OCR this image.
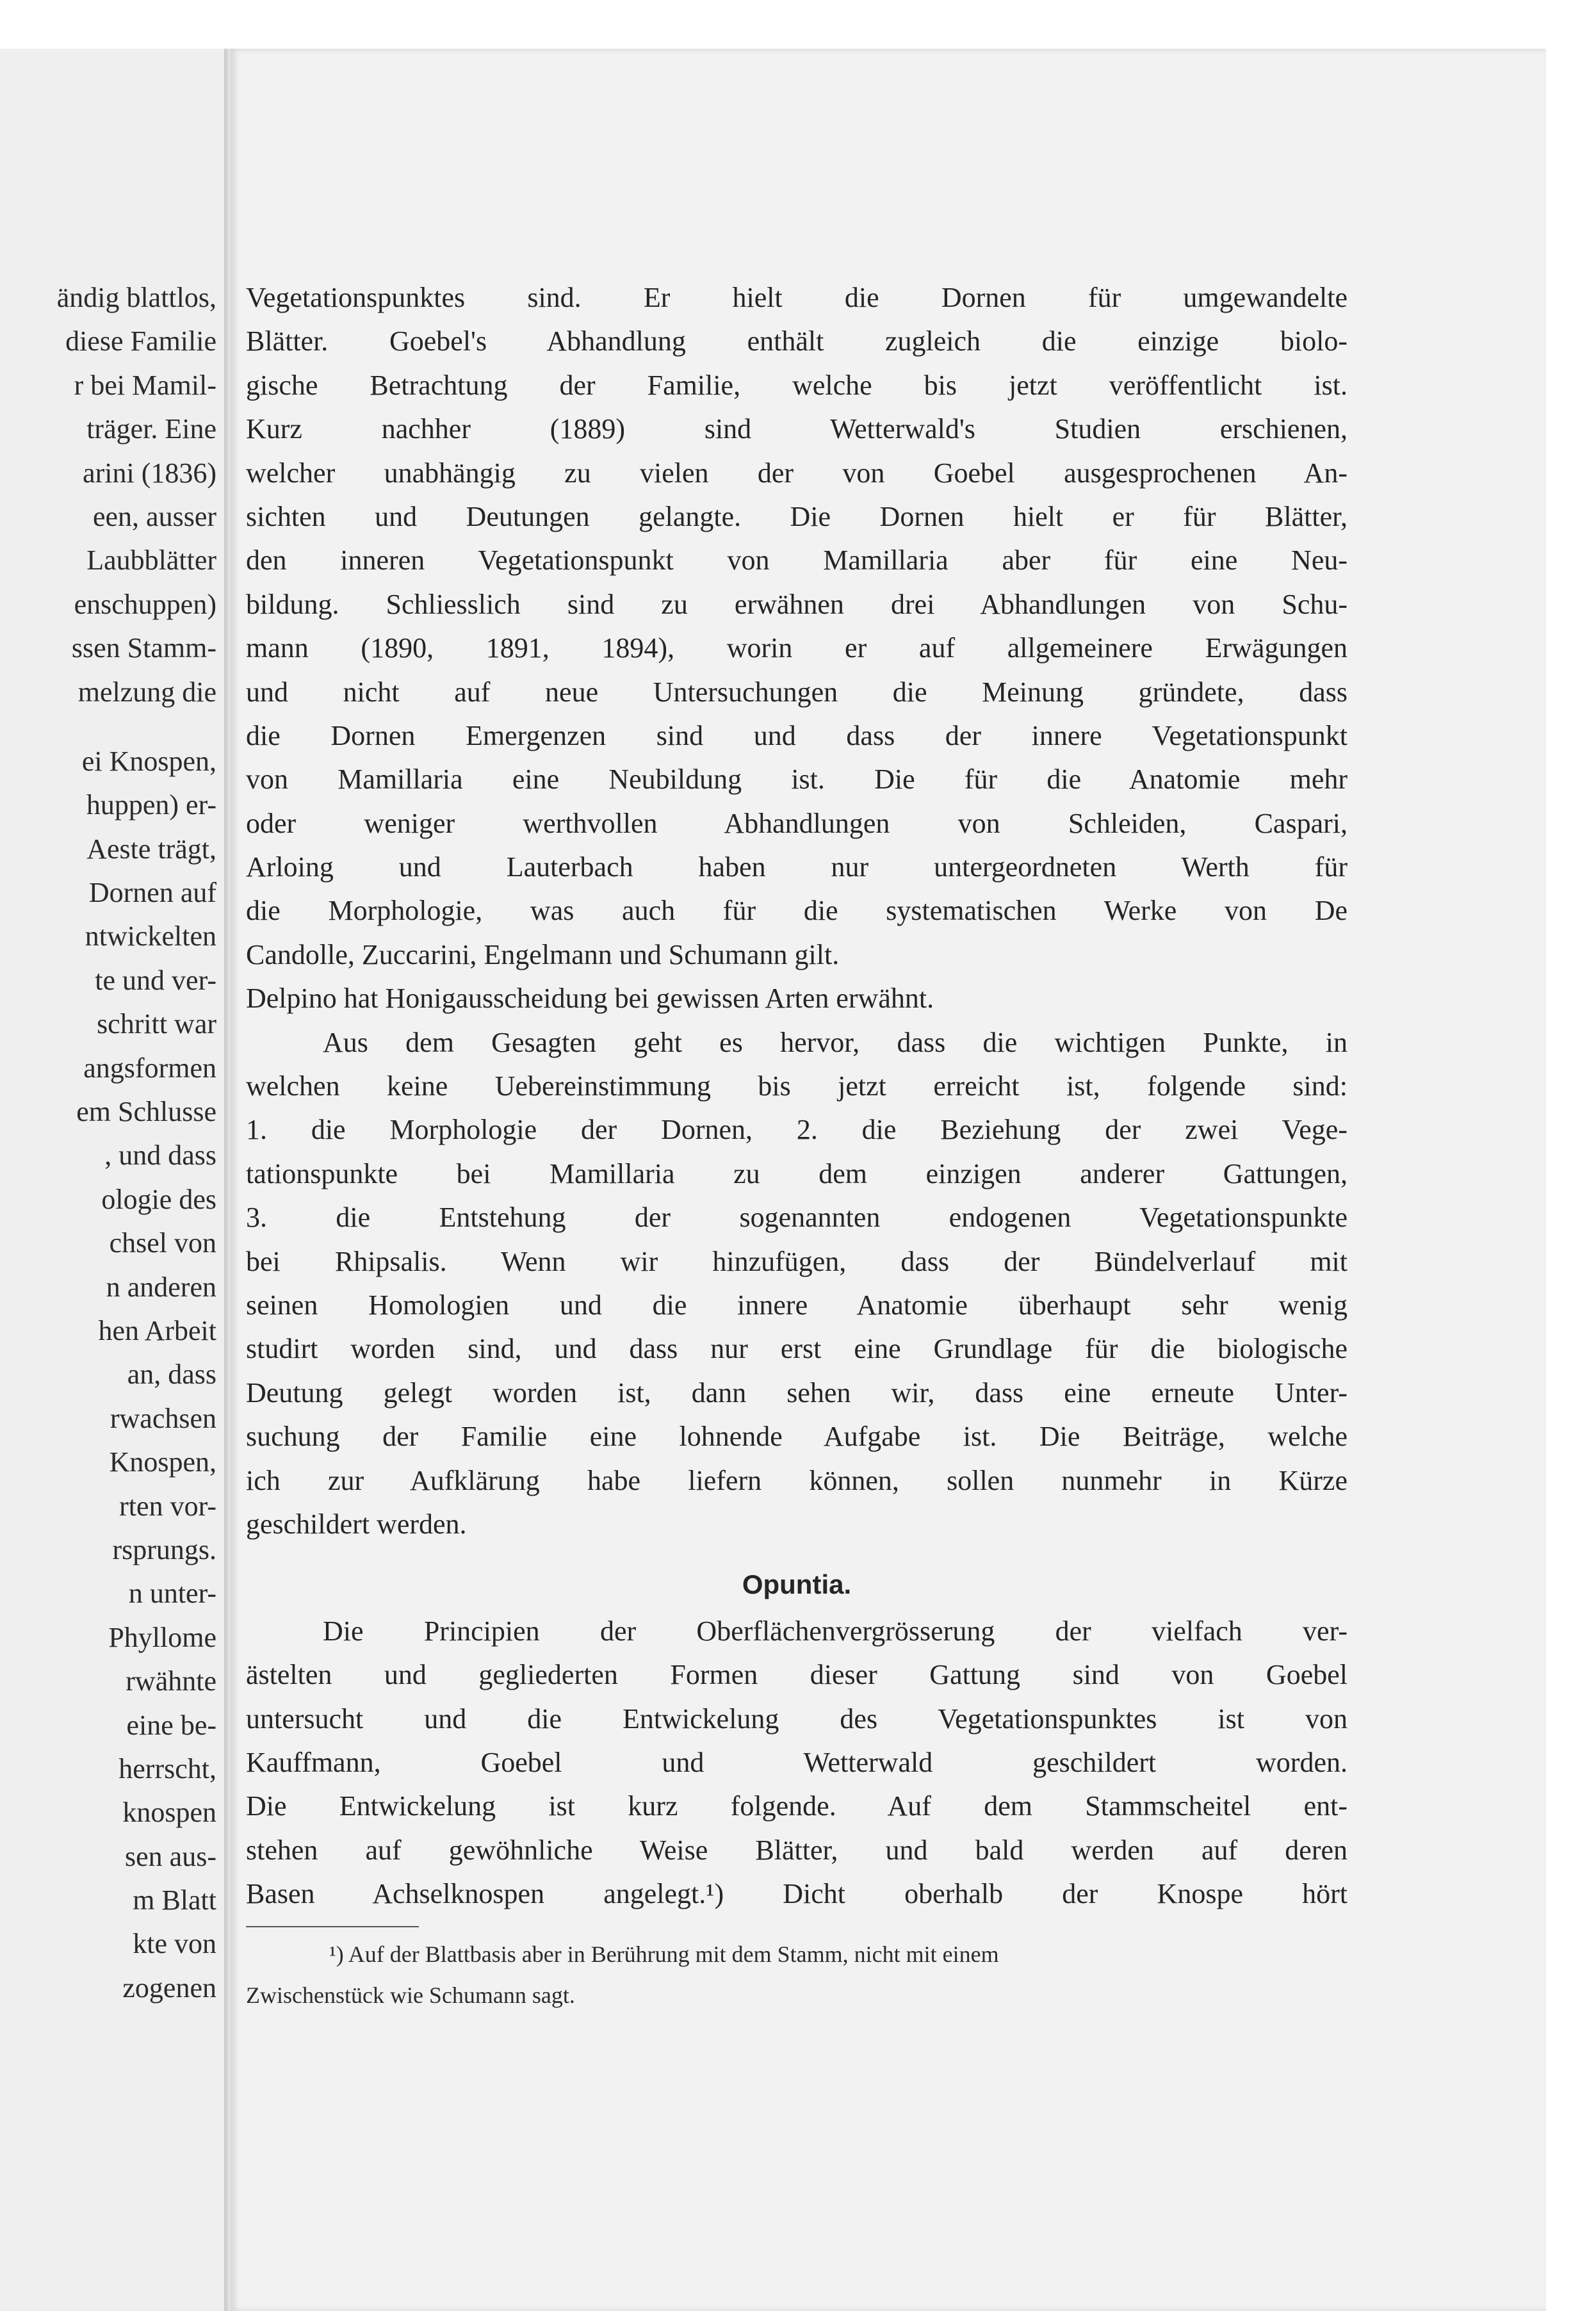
ändig blattlos,
diese Familie
r bei Mamil-
träger. Eine
arini (1836)
een, ausser
Laubblätter
enschuppen)
ssen Stamm-
melzung die
ei Knospen,
huppen) er-
Aeste trägt,
Dornen auf
ntwickelten
te und ver-
schritt war
angsformen
em Schlusse
, und dass
ologie des
chsel von
n anderen
hen Arbeit
an, dass
rwachsen
Knospen,
rten vor-
rsprungs.
n unter-
Phyllome
rwähnte
eine be-
herrscht,
knospen
sen aus-
m Blatt
kte von
zogenen
Vegetationspunktes sind. Er hielt die Dornen für umgewandelte
Blätter. Goebel's Abhandlung enthält zugleich die einzige biolo-
gische Betrachtung der Familie, welche bis jetzt veröffentlicht ist.
Kurz nachher (1889) sind Wetterwald's Studien erschienen,
welcher unabhängig zu vielen der von Goebel ausgesprochenen An-
sichten und Deutungen gelangte. Die Dornen hielt er für Blätter,
den inneren Vegetationspunkt von Mamillaria aber für eine Neu-
bildung. Schliesslich sind zu erwähnen drei Abhandlungen von Schu-
mann (1890, 1891, 1894), worin er auf allgemeinere Erwägungen
und nicht auf neue Untersuchungen die Meinung gründete, dass
die Dornen Emergenzen sind und dass der innere Vegetationspunkt
von Mamillaria eine Neubildung ist. Die für die Anatomie mehr
oder weniger werthvollen Abhandlungen von Schleiden, Caspari,
Arloing und Lauterbach haben nur untergeordneten Werth für
die Morphologie, was auch für die systematischen Werke von De
Candolle, Zuccarini, Engelmann und Schumann gilt.
Delpino hat Honigausscheidung bei gewissen Arten erwähnt.
Aus dem Gesagten geht es hervor, dass die wichtigen Punkte, in
welchen keine Uebereinstimmung bis jetzt erreicht ist, folgende sind:
1. die Morphologie der Dornen, 2. die Beziehung der zwei Vege-
tationspunkte bei Mamillaria zu dem einzigen anderer Gattungen,
3. die Entstehung der sogenannten endogenen Vegetationspunkte
bei Rhipsalis. Wenn wir hinzufügen, dass der Bündelverlauf mit
seinen Homologien und die innere Anatomie überhaupt sehr wenig
studirt worden sind, und dass nur erst eine Grundlage für die biologische
Deutung gelegt worden ist, dann sehen wir, dass eine erneute Unter-
suchung der Familie eine lohnende Aufgabe ist. Die Beiträge, welche
ich zur Aufklärung habe liefern können, sollen nunmehr in Kürze
geschildert werden.
Opuntia.
Die Principien der Oberflächenvergrösserung der vielfach ver-
ästelten und gegliederten Formen dieser Gattung sind von Goebel
untersucht und die Entwickelung des Vegetationspunktes ist von
Kauffmann, Goebel und Wetterwald geschildert worden.
Die Entwickelung ist kurz folgende. Auf dem Stammscheitel ent-
stehen auf gewöhnliche Weise Blätter, und bald werden auf deren
Basen Achselknospen angelegt.¹) Dicht oberhalb der Knospe hört
¹) Auf der Blattbasis aber in Berührung mit dem Stamm, nicht mit einem
Zwischenstück wie Schumann sagt.
